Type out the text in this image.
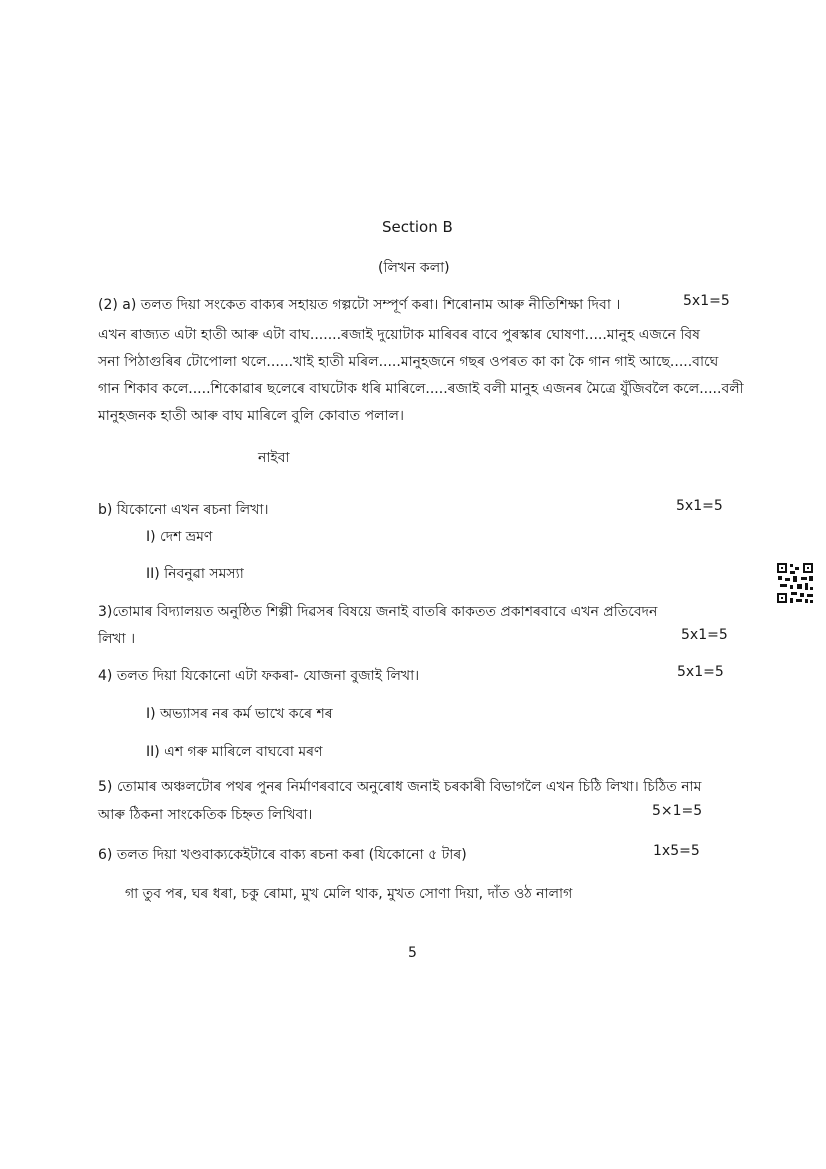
Section B
(লিখন কলা)
(2) a) তলত দিয়া সংকেত বাক্যৰ সহায়ত গল্পটো সম্পূৰ্ণ কৰা। শিৰোনাম আৰু নীতিশিক্ষা দিবা ।	5x1=5
এখন ৰাজ্যত এটা হাতী আৰু এটা বাঘ.......ৰজাই দুয়োটাক মাৰিবৰ বাবে পুৰস্কাৰ ঘোষণা.....মানুহ এজনে বিষ
সনা পিঠাগুৰিৰ টোপোলা থলে......খাই হাতী মৰিল.....মানুহজনে গছৰ ওপৰত কা কা কৈ গান গাই আছে.....বাঘে
গান শিকাব কলে.....শিকোৱাৰ ছলেৰে বাঘটোক ধৰি মাৰিলে.....ৰজাই বলী মানুহ এজনৰ মৈত্রে যুঁজিবলৈ কলে.....বলী
মানুহজনক হাতী আৰু বাঘ মাৰিলে বুলি কোবাত পলাল।
নাইবা
b) যিকোনো এখন ৰচনা লিখা।	5x1=5
I) দেশ ভ্ৰমণ
II) নিবনুৱা সমস্যা
3)তোমাৰ বিদ্যালয়ত অনুষ্ঠিত শিল্পী দিৱসৰ বিষয়ে জনাই বাতৰি কাকতত প্ৰকাশৰবাবে এখন প্ৰতিবেদন
লিখা ।	5x1=5
4) তলত দিয়া যিকোনো এটা ফকৰা- যোজনা বুজাই লিখা।	5x1=5
I) অভ্যাসৰ নৰ কৰ্ম ভাখে কৰে শৰ
II) এশ গৰু মাৰিলে বাঘবো মৰণ
5) তোমাৰ অঞ্চলটোৰ পথৰ পুনৰ নিৰ্মাণৰবাবে অনুৰোধ জনাই চৰকাৰী বিভাগলৈ এখন চিঠি লিখা। চিঠিত নাম
আৰু ঠিকনা সাংকেতিক চিহ্নত লিখিবা।	5×1=5
6) তলত দিয়া খণ্ডবাক্যকেইটাৰে বাক্য ৰচনা কৰা (যিকোনো ৫ টাৰ)	1x5=5
গা তুব পৰ, ঘৰ ধৰা, চকু ৰোমা, মুখ মেলি থাক, মুখত সোণা দিয়া, দাঁত ওঠ নালাগ
5
